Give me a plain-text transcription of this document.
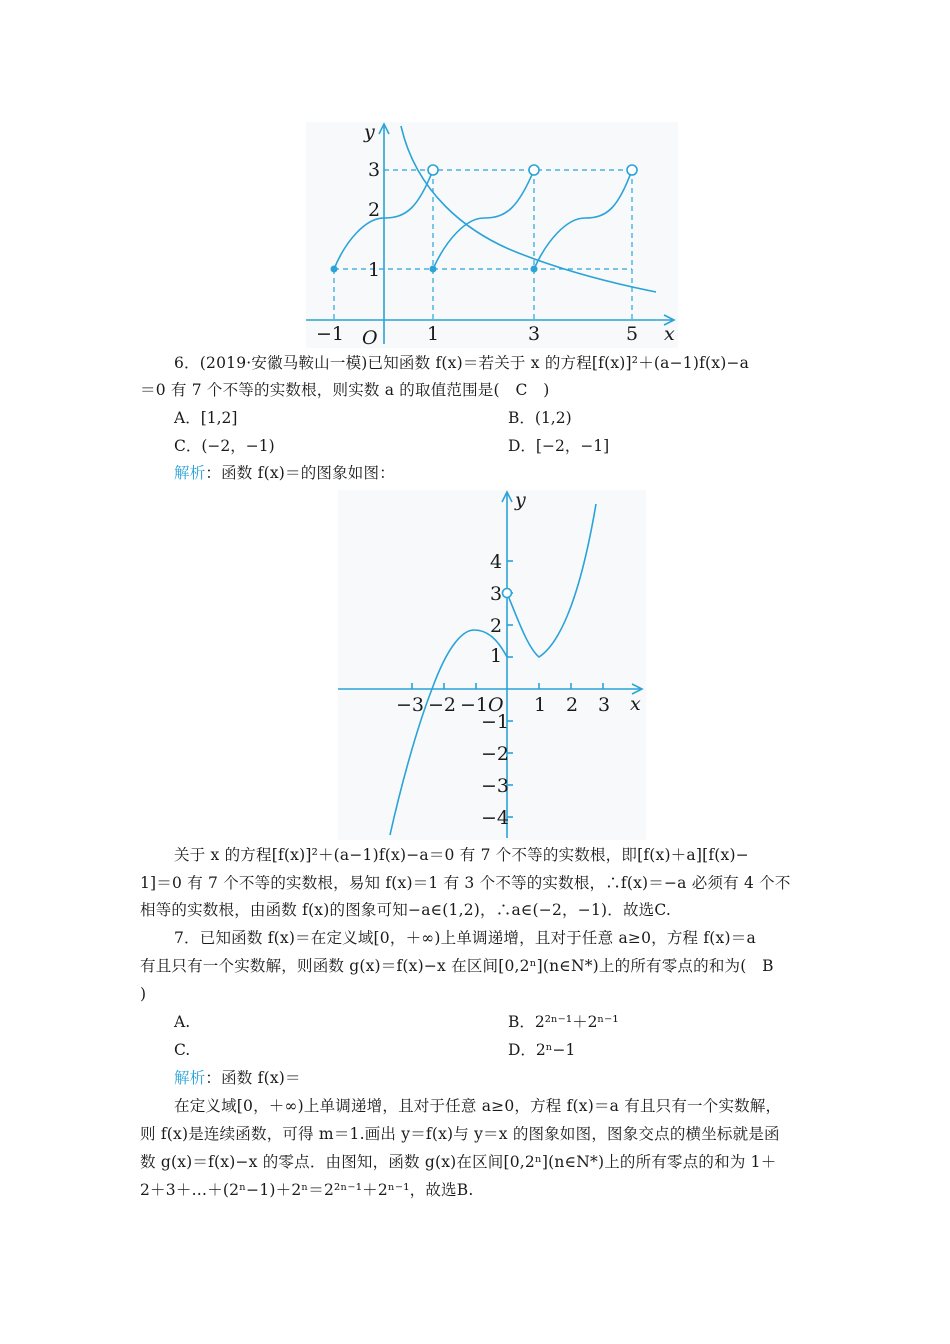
y
x
O
−1	1	3	5
1
2
3
6．(2019·安徽马鞍山一模)已知函数 f(x)＝若关于 x 的方程[f(x)]²＋(a−1)f(x)−a
＝0 有 7 个不等的实数根，则实数 a 的取值范围是(　C　)
A．[1,2]	B．(1,2)
C．(−2，−1)	D．[−2，−1]
解析：函数 f(x)＝的图象如图：
y
x
O
−3 −2 −1 1 2 3
4
3
2
1
−1
−2
−3
−4
关于 x 的方程[f(x)]²＋(a−1)f(x)−a＝0 有 7 个不等的实数根，即[f(x)＋a][f(x)−
1]＝0 有 7 个不等的实数根，易知 f(x)＝1 有 3 个不等的实数根，∴f(x)＝−a 必须有 4 个不
相等的实数根，由函数 f(x)的图象可知−a∈(1,2)，∴a∈(−2，−1)．故选C.
7．已知函数 f(x)＝在定义域[0，＋∞)上单调递增，且对于任意 a≥0，方程 f(x)＝a
有且只有一个实数解，则函数 g(x)＝f(x)−x 在区间[0,2ⁿ](n∈N*)上的所有零点的和为(　B
)
A.	B．2²ⁿ⁻¹＋2ⁿ⁻¹
C.	D．2ⁿ−1
解析：函数 f(x)＝
在定义域[0，＋∞)上单调递增，且对于任意 a≥0，方程 f(x)＝a 有且只有一个实数解，
则 f(x)是连续函数，可得 m＝1.画出 y＝f(x)与 y＝x 的图象如图，图象交点的横坐标就是函
数 g(x)＝f(x)−x 的零点．由图知，函数 g(x)在区间[0,2ⁿ](n∈N*)上的所有零点的和为 1＋
2＋3＋…＋(2ⁿ−1)＋2ⁿ＝2²ⁿ⁻¹＋2ⁿ⁻¹，故选B.
